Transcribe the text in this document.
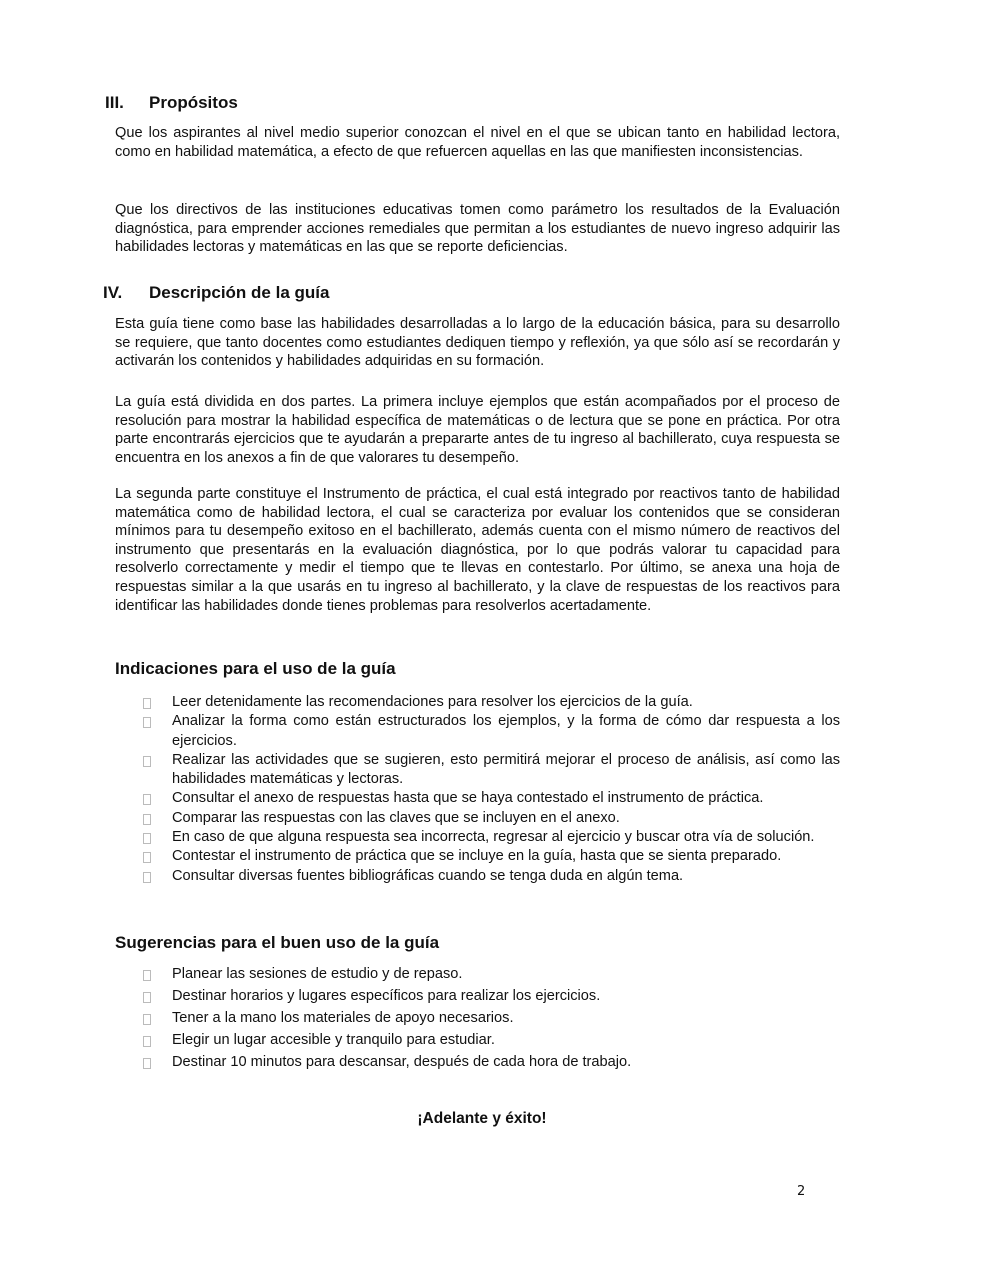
III. Propósitos

Que los aspirantes al nivel medio superior conozcan el nivel en el que se ubican tanto en habilidad lectora, como en habilidad matemática, a efecto de que refuercen aquellas en las que manifiesten inconsistencias.

Que los directivos de las instituciones educativas tomen como parámetro los resultados de la Evaluación diagnóstica, para emprender acciones remediales que permitan a los estudiantes de nuevo ingreso adquirir las habilidades lectoras y matemáticas en las que se reporte deficiencias.

IV. Descripción de la guía

Esta guía tiene como base las habilidades desarrolladas a lo largo de la educación básica, para su desarrollo se requiere, que tanto docentes como estudiantes dediquen tiempo y reflexión, ya que sólo así se recordarán y activarán los contenidos y habilidades adquiridas en su formación.

La guía está dividida en dos partes. La primera incluye ejemplos que están acompañados por el proceso de resolución para mostrar la habilidad específica de matemáticas o de lectura que se pone en práctica. Por otra parte encontrarás ejercicios que te ayudarán a prepararte antes de tu ingreso al bachillerato, cuya respuesta se encuentra en los anexos a fin de que valorares tu desempeño.

La segunda parte constituye el Instrumento de práctica, el cual está integrado por reactivos tanto de habilidad matemática como de habilidad lectora, el cual se caracteriza por evaluar los contenidos que se consideran mínimos para tu desempeño exitoso en el bachillerato, además cuenta con el mismo número de reactivos del instrumento que presentarás en la evaluación diagnóstica, por lo que podrás valorar tu capacidad para resolverlo correctamente y medir el tiempo que te llevas en contestarlo. Por último, se anexa una hoja de respuestas similar a la que usarás en tu ingreso al bachillerato, y la clave de respuestas de los reactivos para identificar las habilidades donde tienes problemas para resolverlos acertadamente.

Indicaciones para el uso de la guía
Leer detenidamente las recomendaciones para resolver los ejercicios de la guía.
Analizar la forma como están estructurados los ejemplos, y la forma de cómo dar respuesta a los ejercicios.
Realizar las actividades que se sugieren, esto permitirá mejorar el proceso de análisis, así como las habilidades matemáticas y lectoras.
Consultar el anexo de respuestas hasta que se haya contestado el instrumento de práctica.
Comparar las respuestas con las claves que se incluyen en el anexo.
En caso de que alguna respuesta sea incorrecta, regresar al ejercicio y buscar otra vía de solución.
Contestar el instrumento de práctica que se incluye en la guía, hasta que se sienta preparado.
Consultar diversas fuentes bibliográficas cuando se tenga duda en algún tema.
Sugerencias para el buen uso de la guía
Planear las sesiones de estudio y de repaso.
Destinar horarios y lugares específicos para realizar los ejercicios.
Tener a la mano los materiales de apoyo necesarios.
Elegir un lugar accesible y tranquilo para estudiar.
Destinar 10 minutos para descansar, después de cada hora de trabajo.
¡Adelante y éxito!
2
